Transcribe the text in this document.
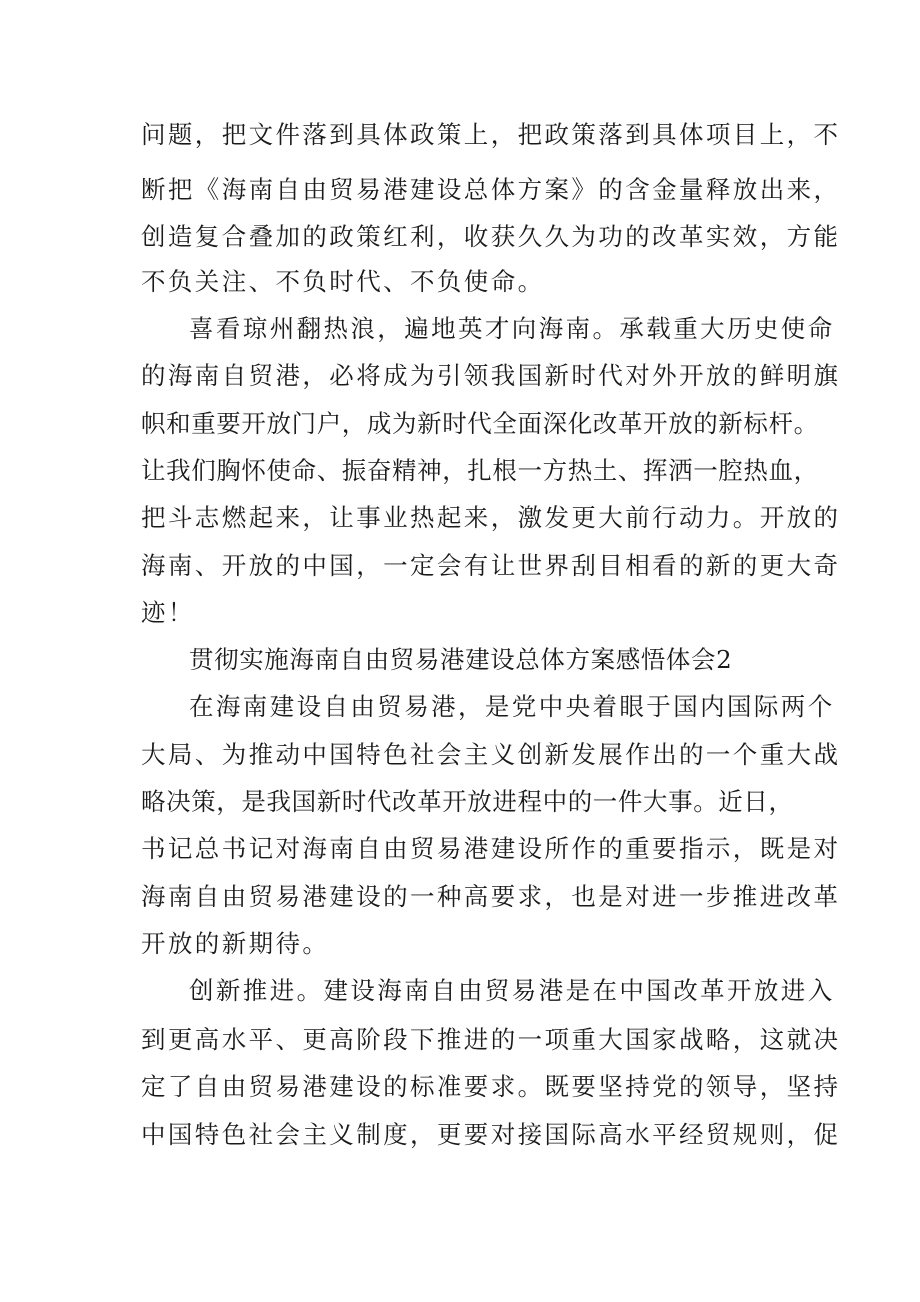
问题，把文件落到具体政策上，把政策落到具体项目上，不
断把《海南自由贸易港建设总体方案》的含金量释放出来，
创造复合叠加的政策红利，收获久久为功的改革实效，方能
不负关注、不负时代、不负使命。
喜看琼州翻热浪，遍地英才向海南。承载重大历史使命
的海南自贸港，必将成为引领我国新时代对外开放的鲜明旗
帜和重要开放门户，成为新时代全面深化改革开放的新标杆。
让我们胸怀使命、振奋精神，扎根一方热土、挥洒一腔热血，
把斗志燃起来，让事业热起来，激发更大前行动力。开放的
海南、开放的中国，一定会有让世界刮目相看的新的更大奇
迹！
贯彻实施海南自由贸易港建设总体方案感悟体会2
在海南建设自由贸易港，是党中央着眼于国内国际两个
大局、为推动中国特色社会主义创新发展作出的一个重大战
略决策，是我国新时代改革开放进程中的一件大事。近日，
书记总书记对海南自由贸易港建设所作的重要指示，既是对
海南自由贸易港建设的一种高要求，也是对进一步推进改革
开放的新期待。
创新推进。建设海南自由贸易港是在中国改革开放进入
到更高水平、更高阶段下推进的一项重大国家战略，这就决
定了自由贸易港建设的标准要求。既要坚持党的领导，坚持
中国特色社会主义制度，更要对接国际高水平经贸规则，促
